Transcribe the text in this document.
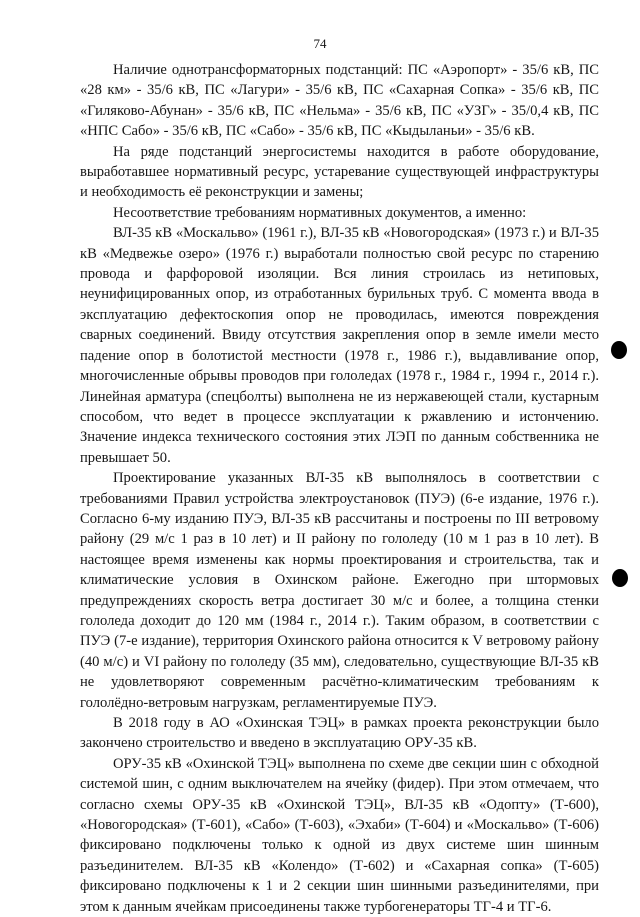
74

Наличие однотрансформаторных подстанций: ПС «Аэропорт» - 35/6 кВ, ПС «28 км» - 35/6 кВ, ПС «Лагури» - 35/6 кВ, ПС «Сахарная Сопка» - 35/6 кВ, ПС «Гиляково-Абунан» - 35/6 кВ, ПС «Нельма» - 35/6 кВ, ПС «УЗГ» - 35/0,4 кВ, ПС «НПС Сабо» - 35/6 кВ, ПС «Сабо» - 35/6 кВ, ПС «Кыдыланьи» - 35/6 кВ.

На ряде подстанций энергосистемы находится в работе оборудование, выработавшее нормативный ресурс, устаревание существующей инфраструктуры и необходимость её реконструкции и замены;

Несоответствие требованиям нормативных документов, а именно:

ВЛ-35 кВ «Москальво» (1961 г.), ВЛ-35 кВ «Новогородская» (1973 г.) и ВЛ-35 кВ «Медвежье озеро» (1976 г.) выработали полностью свой ресурс по старению провода и фарфоровой изоляции. Вся линия строилась из нетиповых, неунифицированных опор, из отработанных бурильных труб. С момента ввода в эксплуатацию дефектоскопия опор не проводилась, имеются повреждения сварных соединений. Ввиду отсутствия закрепления опор в земле имели место падение опор в болотистой местности (1978 г., 1986 г.), выдавливание опор, многочисленные обрывы проводов при гололедах (1978 г., 1984 г., 1994 г., 2014 г.). Линейная арматура (спецболты) выполнена не из нержавеющей стали, кустарным способом, что ведет в процессе эксплуатации к ржавлению и истончению. Значение индекса технического состояния этих ЛЭП по данным собственника не превышает 50.

Проектирование указанных ВЛ-35 кВ выполнялось в соответствии с требованиями Правил устройства электроустановок (ПУЭ) (6-е издание, 1976 г.). Согласно 6-му изданию ПУЭ, ВЛ-35 кВ рассчитаны и построены по III ветровому району (29 м/с 1 раз в 10 лет) и II району по гололеду (10 м 1 раз в 10 лет). В настоящее время изменены как нормы проектирования и строительства, так и климатические условия в Охинском районе. Ежегодно при штормовых предупреждениях скорость ветра достигает 30 м/с и более, а толщина стенки гололеда доходит до 120 мм (1984 г., 2014 г.). Таким образом, в соответствии с ПУЭ (7-е издание), территория Охинского района относится к V ветровому району (40 м/с) и VI району по гололеду (35 мм), следовательно, существующие ВЛ-35 кВ не удовлетворяют современным расчётно-климатическим требованиям к гололёдно-ветровым нагрузкам, регламентируемые ПУЭ.

В 2018 году в АО «Охинская ТЭЦ» в рамках проекта реконструкции было закончено строительство и введено в эксплуатацию ОРУ-35 кВ.

ОРУ-35 кВ «Охинской ТЭЦ» выполнена по схеме две секции шин с обходной системой шин, с одним выключателем на ячейку (фидер). При этом отмечаем, что согласно схемы ОРУ-35 кВ «Охинской ТЭЦ», ВЛ-35 кВ «Одопту» (Т-600), «Новогородская» (Т-601), «Сабо» (Т-603), «Эхаби» (Т-604) и «Москальво» (Т-606) фиксировано подключены только к одной из двух системе шин шинным разъединителем. ВЛ-35 кВ «Колендо» (Т-602) и «Сахарная сопка» (Т-605) фиксировано подключены к 1 и 2 секции шин шинными разъединителями, при этом к данным ячейкам присоединены также турбогенераторы ТГ-4 и ТГ-6.
